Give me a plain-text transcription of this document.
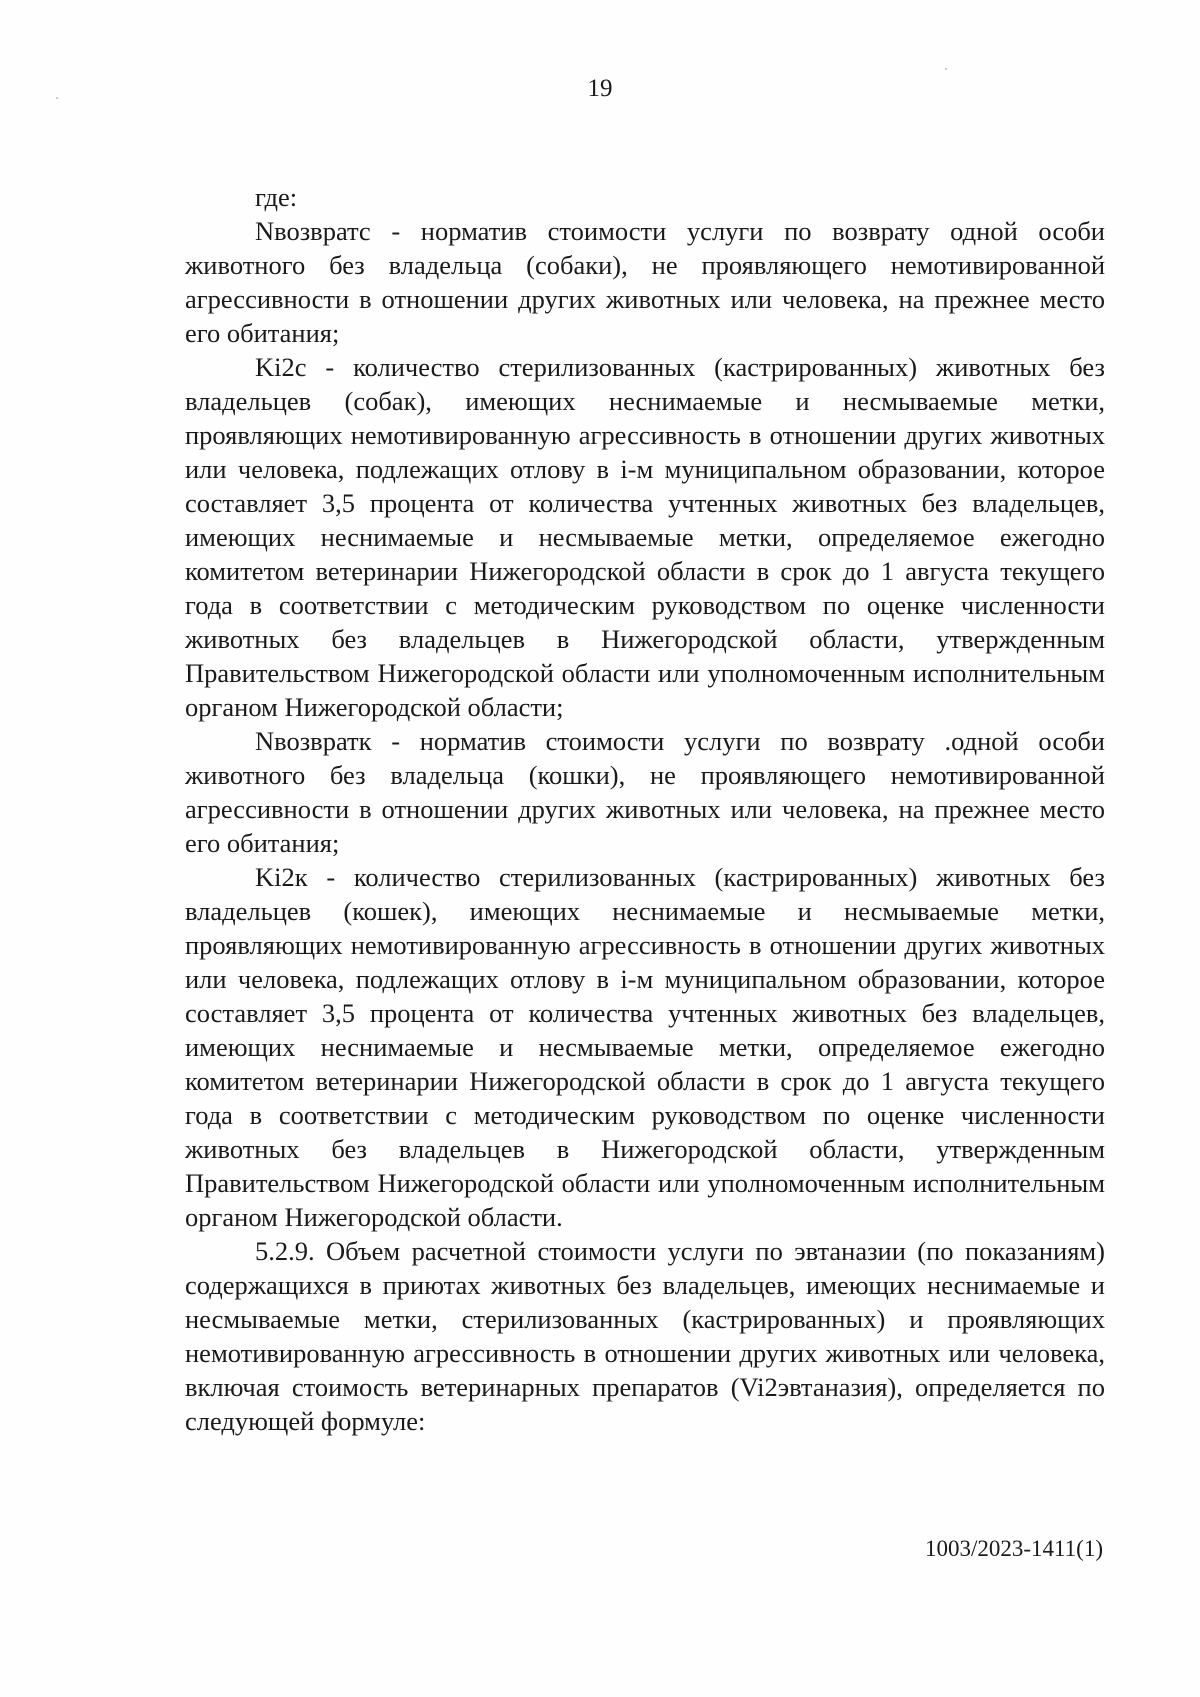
19

где:

Nвозвратс - норматив стоимости услуги по возврату одной особи животного без владельца (собаки), не проявляющего немотивированной агрессивности в отношении других животных или человека, на прежнее место его обитания;

Ki2с - количество стерилизованных (кастрированных) животных без владельцев (собак), имеющих неснимаемые и несмываемые метки, проявляющих немотивированную агрессивность в отношении других животных или человека, подлежащих отлову в i-м муниципальном образовании, которое составляет 3,5 процента от количества учтенных животных без владельцев, имеющих неснимаемые и несмываемые метки, определяемое ежегодно комитетом ветеринарии Нижегородской области в срок до 1 августа текущего года в соответствии с методическим руководством по оценке численности животных без владельцев в Нижегородской области, утвержденным Правительством Нижегородской области или уполномоченным исполнительным органом Нижегородской области;

Nвозвратк - норматив стоимости услуги по возврату .одной особи животного без владельца (кошки), не проявляющего немотивированной агрессивности в отношении других животных или человека, на прежнее место его обитания;

Ki2к - количество стерилизованных (кастрированных) животных без владельцев (кошек), имеющих неснимаемые и несмываемые метки, проявляющих немотивированную агрессивность в отношении других животных или человека, подлежащих отлову в i-м муниципальном образовании, которое составляет 3,5 процента от количества учтенных животных без владельцев, имеющих неснимаемые и несмываемые метки, определяемое ежегодно комитетом ветеринарии Нижегородской области в срок до 1 августа текущего года в соответствии с методическим руководством по оценке численности животных без владельцев в Нижегородской области, утвержденным Правительством Нижегородской области или уполномоченным исполнительным органом Нижегородской области.

5.2.9. Объем расчетной стоимости услуги по эвтаназии (по показаниям) содержащихся в приютах животных без владельцев, имеющих неснимаемые и несмываемые метки, стерилизованных (кастрированных) и проявляющих немотивированную агрессивность в отношении других животных или человека, включая стоимость ветеринарных препаратов (Vi2эвтаназия), определяется по следующей формуле:

1003/2023-1411(1)
